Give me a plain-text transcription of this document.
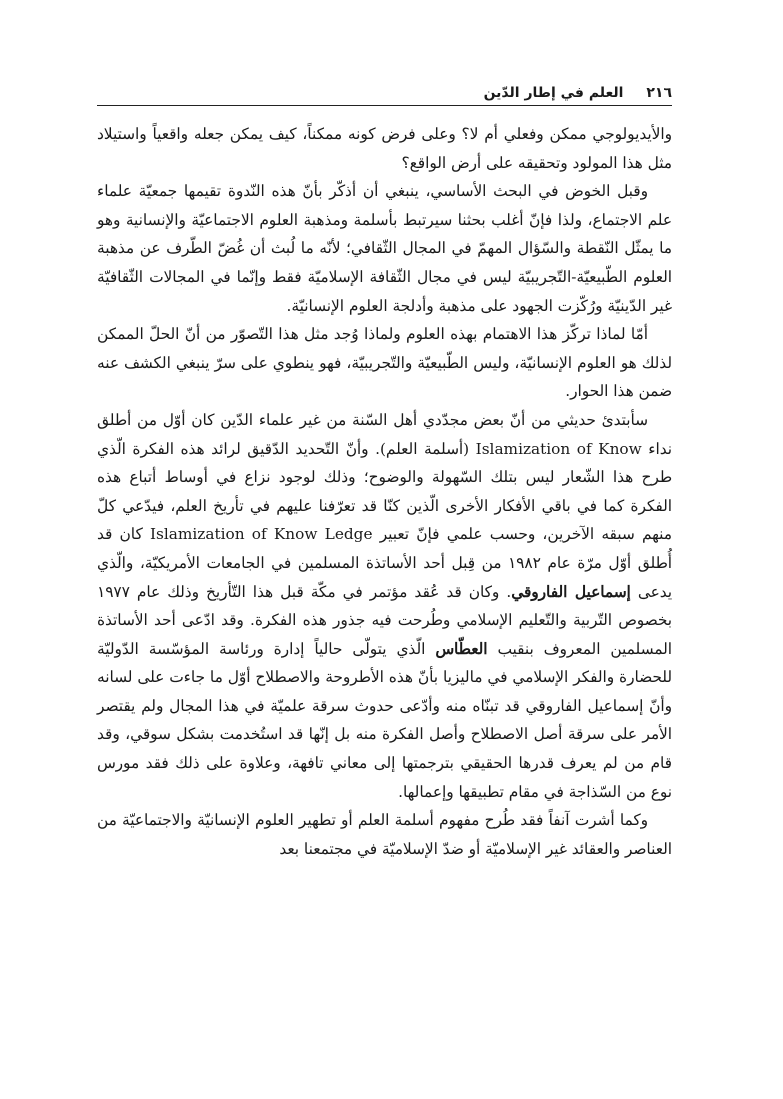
٢١٦ العلم في إطار الدّين

والأيديولوجي ممكن وفعلي أم لا؟ وعلى فرض كونه ممكناً، كيف يمكن جعله واقعياً واستيلاد مثل هذا المولود وتحقيقه على أرض الواقع؟

وقبل الخوض في البحث الأساسي، ينبغي أن أذكّر بأنّ هذه النّدوة تقيمها جمعيّة علماء علم الاجتماع، ولذا فإنّ أغلب بحثنا سيرتبط بأسلمة ومذهبة العلوم الاجتماعيّة والإنسانية وهو ما يمثّل النّقطة والسّؤال المهمّ في المجال الثّقافي؛ لأنّه ما لُبث أن غُضّ الطّرف عن مذهبة العلوم الطّبيعيّة-التّجريبيّة ليس في مجال الثّقافة الإسلاميّة فقط وإنّما في المجالات الثّقافيّة غير الدّينيّة ورُكّزت الجهود على مذهبة وأدلجة العلوم الإنسانيّة.

أمّا لماذا تركّز هذا الاهتمام بهذه العلوم ولماذا وُجد مثل هذا التّصوّر من أنّ الحلّ الممكن لذلك هو العلوم الإنسانيّة، وليس الطّبيعيّة والتّجريبيّة، فهو ينطوي على سرّ ينبغي الكشف عنه ضمن هذا الحوار.

سأبتدئ حديثي من أنّ بعض مجدّدي أهل السّنة من غير علماء الدّين كان أوّل من أطلق نداء Islamization of Know (أسلمة العلم). وأنّ التّحديد الدّقيق لرائد هذه الفكرة الّذي طرح هذا الشّعار ليس بتلك السّهولة والوضوح؛ وذلك لوجود نزاع في أوساط أتباع هذه الفكرة كما في باقي الأفكار الأخرى الّذين كنّا قد تعرّفنا عليهم في تأريخ العلم، فيدّعي كلّ منهم سبقه الآخرين، وحسب علمي فإنّ تعبير Islamization of Know Ledge كان قد أُطلق أوّل مرّة عام ١٩٨٢ من قِبل أحد الأساتذة المسلمين في الجامعات الأمريكيّة، والّذي يدعى إسماعيل الفاروقي. وكان قد عُقد مؤتمر في مكّة قبل هذا التّأريخ وذلك عام ١٩٧٧ بخصوص التّربية والتّعليم الإسلامي وطُرحت فيه جذور هذه الفكرة. وقد ادّعى أحد الأساتذة المسلمين المعروف بنقيب العطّاس الّذي يتولّى حالياً إدارة ورئاسة المؤسّسة الدّوليّة للحضارة والفكر الإسلامي في ماليزيا بأنّ هذه الأطروحة والاصطلاح أوّل ما جاءت على لسانه وأنّ إسماعيل الفاروقي قد تبنّاه منه وأدّعى حدوث سرقة علميّة في هذا المجال ولم يقتصر الأمر على سرقة أصل الاصطلاح وأصل الفكرة منه بل إنّها قد استُخدمت بشكل سوقي، وقد قام من لم يعرف قدرها الحقيقي بترجمتها إلى معاني تافهة، وعلاوة على ذلك فقد مورس نوع من السّذاجة في مقام تطبيقها وإعمالها.

وكما أشرت آنفاً فقد طُرح مفهوم أسلمة العلم أو تطهير العلوم الإنسانيّة والاجتماعيّة من العناصر والعقائد غير الإسلاميّة أو ضدّ الإسلاميّة في مجتمعنا بعد
